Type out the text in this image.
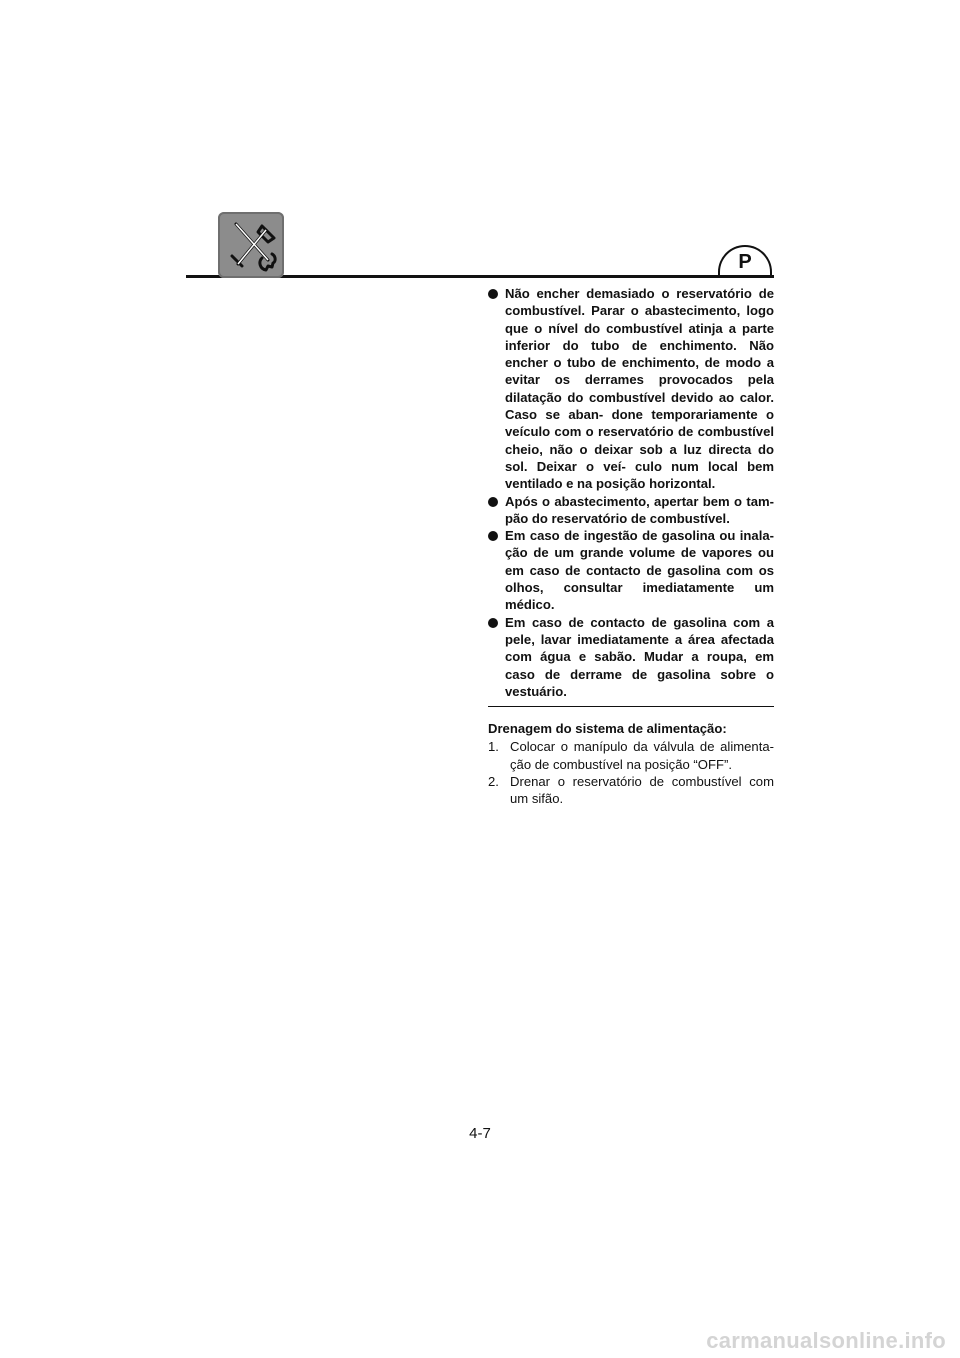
P
Não encher demasiado o reservatório de combustível. Parar o abastecimento, logo que o nível do combustível atinja a parte inferior do tubo de enchimento. Não encher o tubo de enchimento, de modo a evitar os derrames provocados pela dilatação do combustível devido ao calor. Caso se aban- done temporariamente o veículo com o reservatório de combustível cheio, não o deixar sob a luz directa do sol. Deixar o veí- culo num local bem ventilado e na posição horizontal.
Após o abastecimento, apertar bem o tam- pão do reservatório de combustível.
Em caso de ingestão de gasolina ou inala- ção de um grande volume de vapores ou em caso de contacto de gasolina com os olhos, consultar imediatamente um médico.
Em caso de contacto de gasolina com a pele, lavar imediatamente a área afectada com água e sabão. Mudar a roupa, em caso de derrame de gasolina sobre o vestuário.
Drenagem do sistema de alimentação:
1. Colocar o manípulo da válvula de alimenta- ção de combustível na posição “OFF”.
2. Drenar o reservatório de combustível com um sifão.
4-7
carmanualsonline.info
